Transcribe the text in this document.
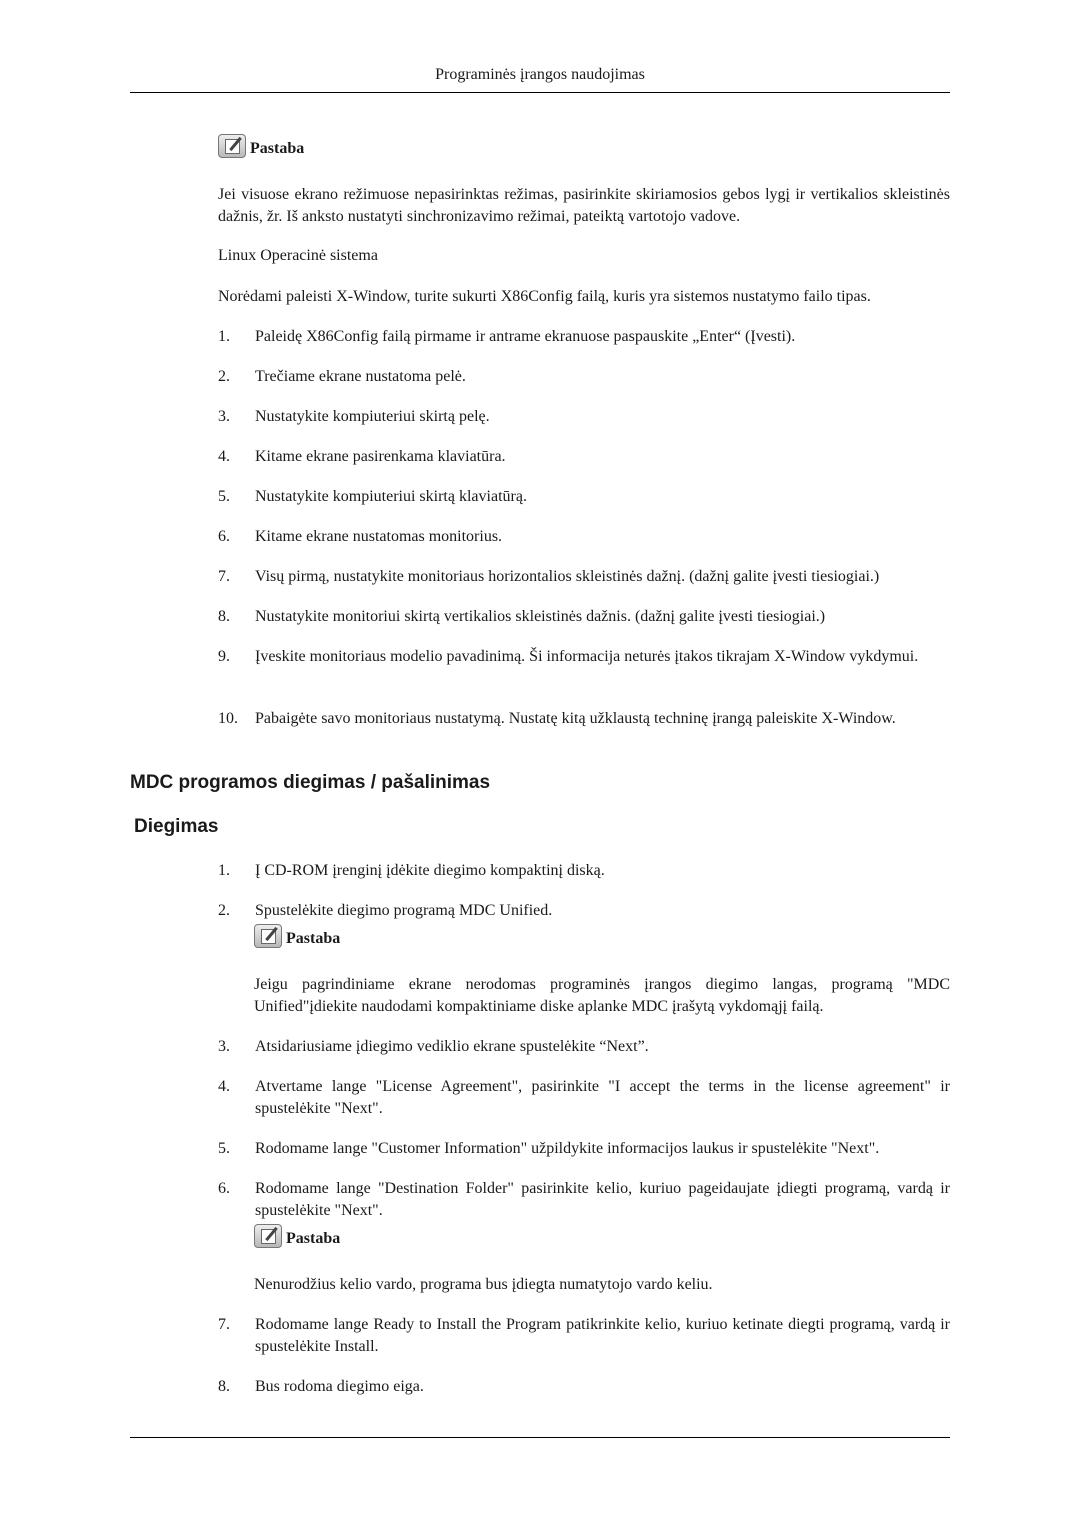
Programinės įrangos naudojimas
Pastaba
Jei visuose ekrano režimuose nepasirinktas režimas, pasirinkite skiriamosios gebos lygį ir vertikalios skleistinės dažnis, žr. Iš anksto nustatyti sinchronizavimo režimai, pateiktą vartotojo vadove.
Linux Operacinė sistema
Norėdami paleisti X-Window, turite sukurti X86Config failą, kuris yra sistemos nustatymo failo tipas.
1.	Paleidę X86Config failą pirmame ir antrame ekranuose paspauskite „Enter“ (Įvesti).
2.	Trečiame ekrane nustatoma pelė.
3.	Nustatykite kompiuteriui skirtą pelę.
4.	Kitame ekrane pasirenkama klaviatūra.
5.	Nustatykite kompiuteriui skirtą klaviatūrą.
6.	Kitame ekrane nustatomas monitorius.
7.	Visų pirmą, nustatykite monitoriaus horizontalios skleistinės dažnį. (dažnį galite įvesti tiesiogiai.)
8.	Nustatykite monitoriui skirtą vertikalios skleistinės dažnis. (dažnį galite įvesti tiesiogiai.)
9.	Įveskite monitoriaus modelio pavadinimą. Ši informacija neturės įtakos tikrajam X-Window vykdymui.
10.	Pabaigėte savo monitoriaus nustatymą. Nustatę kitą užklaustą techninę įrangą paleiskite X-Window.
MDC programos diegimas / pašalinimas
Diegimas
1.	Į CD-ROM įrenginį įdėkite diegimo kompaktinį diską.
2.	Spustelėkite diegimo programą MDC Unified.
Pastaba
Jeigu pagrindiniame ekrane nerodomas programinės įrangos diegimo langas, programą "MDC Unified"įdiekite naudodami kompaktiniame diske aplanke MDC įrašytą vykdomąjį failą.
3.	Atsidariusiame įdiegimo vediklio ekrane spustelėkite “Next”.
4.	Atvertame lange "License Agreement", pasirinkite "I accept the terms in the license agreement" ir spustelėkite "Next".
5.	Rodomame lange "Customer Information" užpildykite informacijos laukus ir spustelėkite "Next".
6.	Rodomame lange "Destination Folder" pasirinkite kelio, kuriuo pageidaujate įdiegti programą, vardą ir spustelėkite "Next".
Pastaba
Nenurodžius kelio vardo, programa bus įdiegta numatytojo vardo keliu.
7.	Rodomame lange Ready to Install the Program patikrinkite kelio, kuriuo ketinate diegti programą, vardą ir spustelėkite Install.
8.	Bus rodoma diegimo eiga.
